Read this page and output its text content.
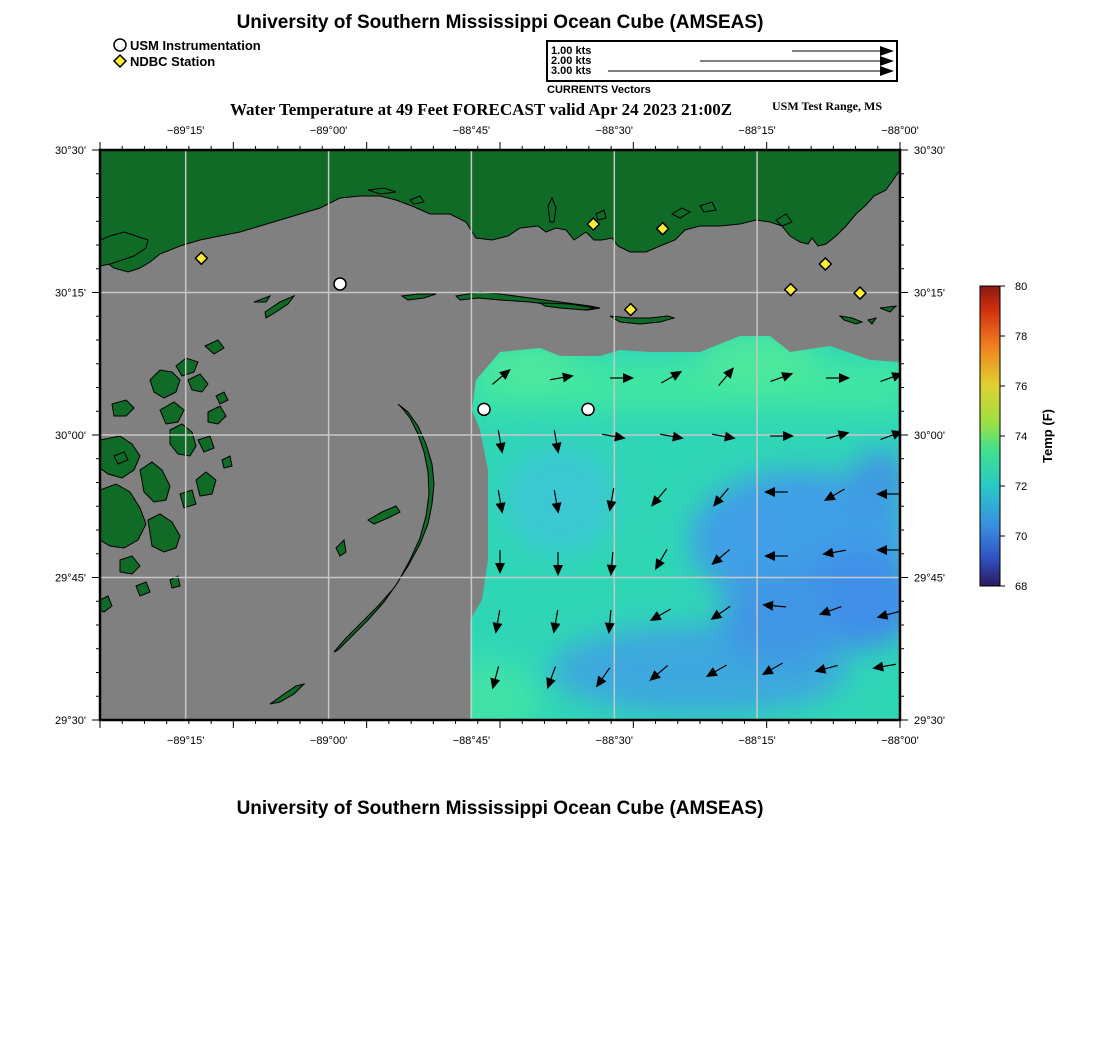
University of Southern Mississippi Ocean Cube (AMSEAS)
USM Instrumentation
NDBC Station
1.00 kts
2.00 kts
3.00 kts
CURRENTS Vectors
Water Temperature at 49 Feet FORECAST valid Apr 24 2023 21:00Z	USM Test Range, MS
−89°15'	−89°00'	−88°45'	−88°30'	−88°15'	−88°00'
−89°15'	−89°00'	−88°45'	−88°30'	−88°15'	−88°00'
30°30'
30°15'
30°00'
29°45'
29°30'
30°30'
30°15'
30°00'
29°45'
29°30'
80
78
76
74
72
70
68
Temp (F)
University of Southern Mississippi Ocean Cube (AMSEAS)
